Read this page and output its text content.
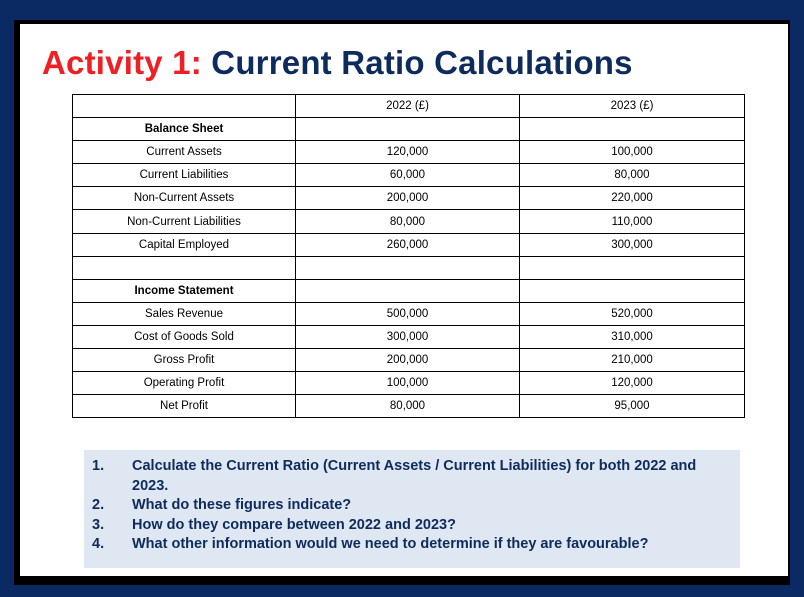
Activity 1: Current Ratio Calculations
	2022 (£)	2023 (£)
Balance Sheet		
Current Assets	120,000	100,000
Current Liabilities	60,000	80,000
Non-Current Assets	200,000	220,000
Non-Current Liabilities	80,000	110,000
Capital Employed	260,000	300,000

Income Statement		
Sales Revenue	500,000	520,000
Cost of Goods Sold	300,000	310,000
Gross Profit	200,000	210,000
Operating Profit	100,000	120,000
Net Profit	80,000	95,000
1.	Calculate the Current Ratio (Current Assets / Current Liabilities) for both 2022 and 2023.
2.	What do these figures indicate?
3.	How do they compare between 2022 and 2023?
4.	What other information would we need to determine if they are favourable?
